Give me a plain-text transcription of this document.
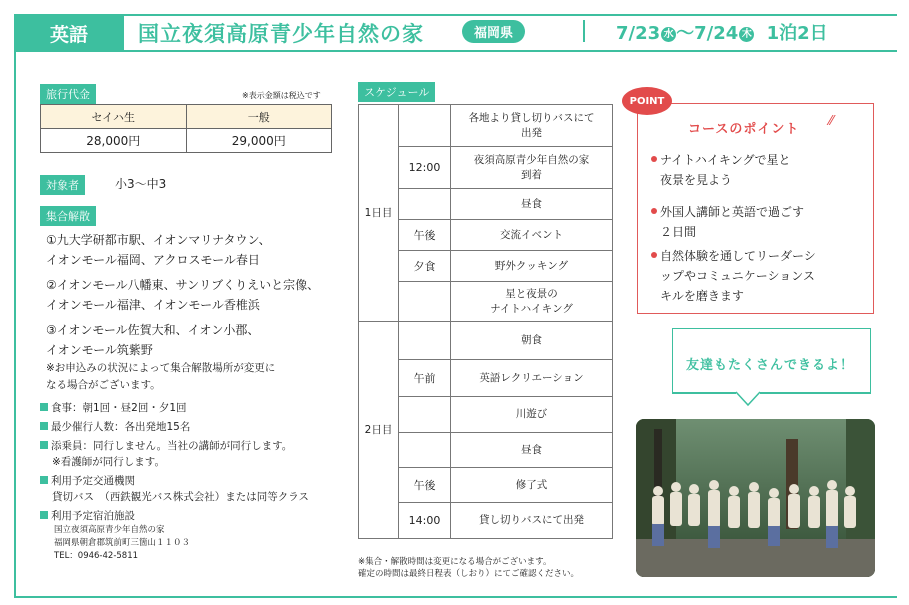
英語	国立夜須高原青少年自然の家	福岡県	7/23 水 〜7/24 木 1泊2日
旅行代金	※表示金額は税込です
セイハ生	一般
28,000円	29,000円
対象者	小3〜中3
集合解散

①九大学研都市駅、イオンマリナタウン、
イオンモール福岡、アクロスモール春日

②イオンモール八幡東、サンリブくりえいと宗像、
イオンモール福津、イオンモール香椎浜

③イオンモール佐賀大和、イオン小郡、
イオンモール筑紫野

※お申込みの状況によって集合解散場所が変更に
なる場合がございます。
食事：朝1回・昼2回・夕1回
最少催行人数：各出発地15名
添乗員：同行しません。当社の講師が同行します。
※看護師が同行します。
利用予定交通機関
貸切バス　（西鉄観光バス株式会社）または同等クラス
利用予定宿泊施設
国立夜須高原青少年自然の家
福岡県朝倉郡筑前町三箇山１１０３
TEL：0946-42-5811
スケジュール
1日目		各地より貸し切りバスにて
出発
	12:00	夜須高原青少年自然の家
到着
		昼食
	午後	交流イベント
	夕食	野外クッキング
		星と夜景の
ナイトハイキング
2日目		朝食
	午前	英語レクリエーション
		川遊び
		昼食
	午後	修了式
	14:00	貸し切りバスにて出発
※集合・解散時間は変更になる場合がございます。
確定の時間は最終日程表（しおり）にてご確認ください。
POINT
コースのポイント
⁄⁄
ナイトハイキングで星と
夜景を見よう
外国人講師と英語で過ごす
２日間
自然体験を通してリーダーシ
ップやコミュニケーションス
キルを磨きます
友達もたくさんできるよ！
